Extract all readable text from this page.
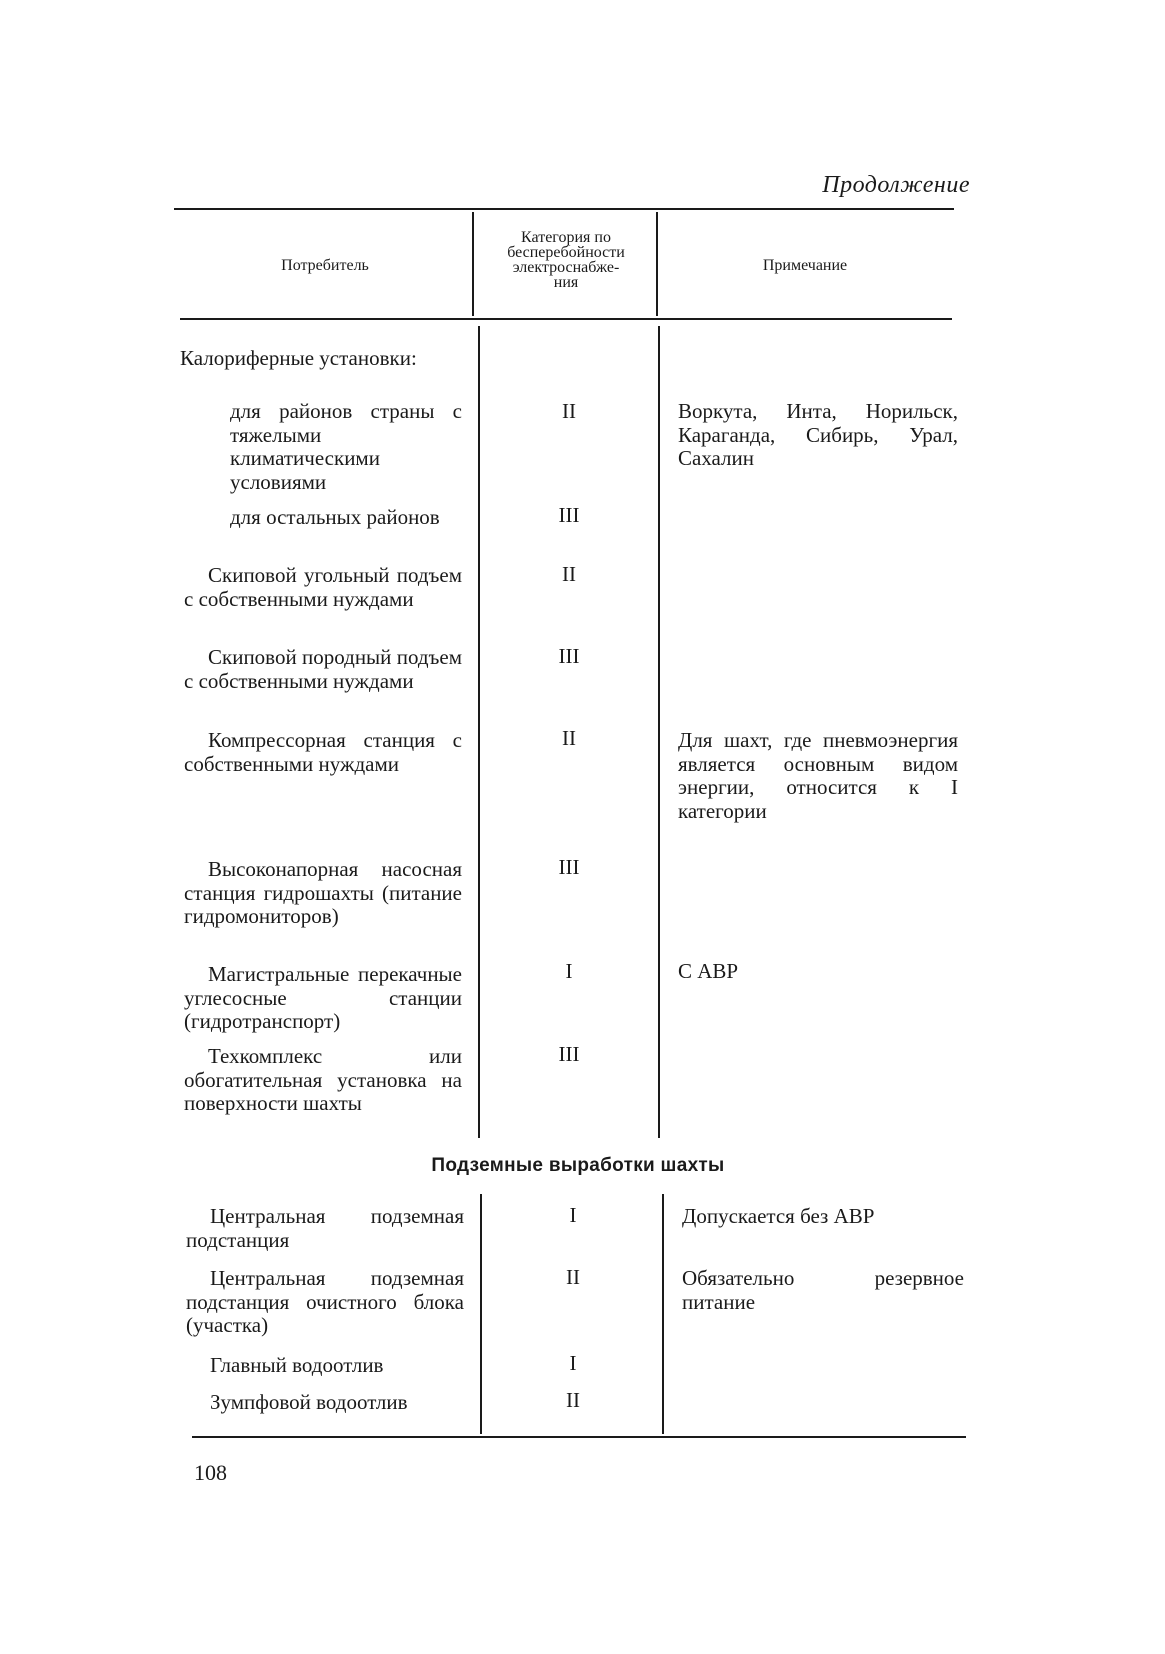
Продолжение
Потребитель
Категория по
бесперебойности
электроснабже-
ния
Примечание
Калориферные установки:
для районов страны с тяжелыми климатическими условиями
для остальных районов
Скиповой угольный подъем с собственными нуждами
Скиповой породный подъем с собственными нуждами
Компрессорная станция с собственными нуждами
Высоконапорная насосная станция гидрошахты (питание гидромониторов)
Магистральные перекачные углесосные станции (гидротранспорт)
Техкомплекс или обогатительная установка на поверхности шахты
II
III
II
III
II
III
I
III
Воркута, Инта, Норильск, Караганда, Сибирь, Урал, Сахалин
Для шахт, где пневмоэнергия является основным видом энергии, относится к I категории
С АВР
Подземные выработки шахты
Центральная подземная подстанция
Центральная подземная подстанция очистного блока (участка)
Главный водоотлив
Зумпфовой водоотлив
I
II
I
II
Допускается без АВР
Обязательно резервное питание
108
